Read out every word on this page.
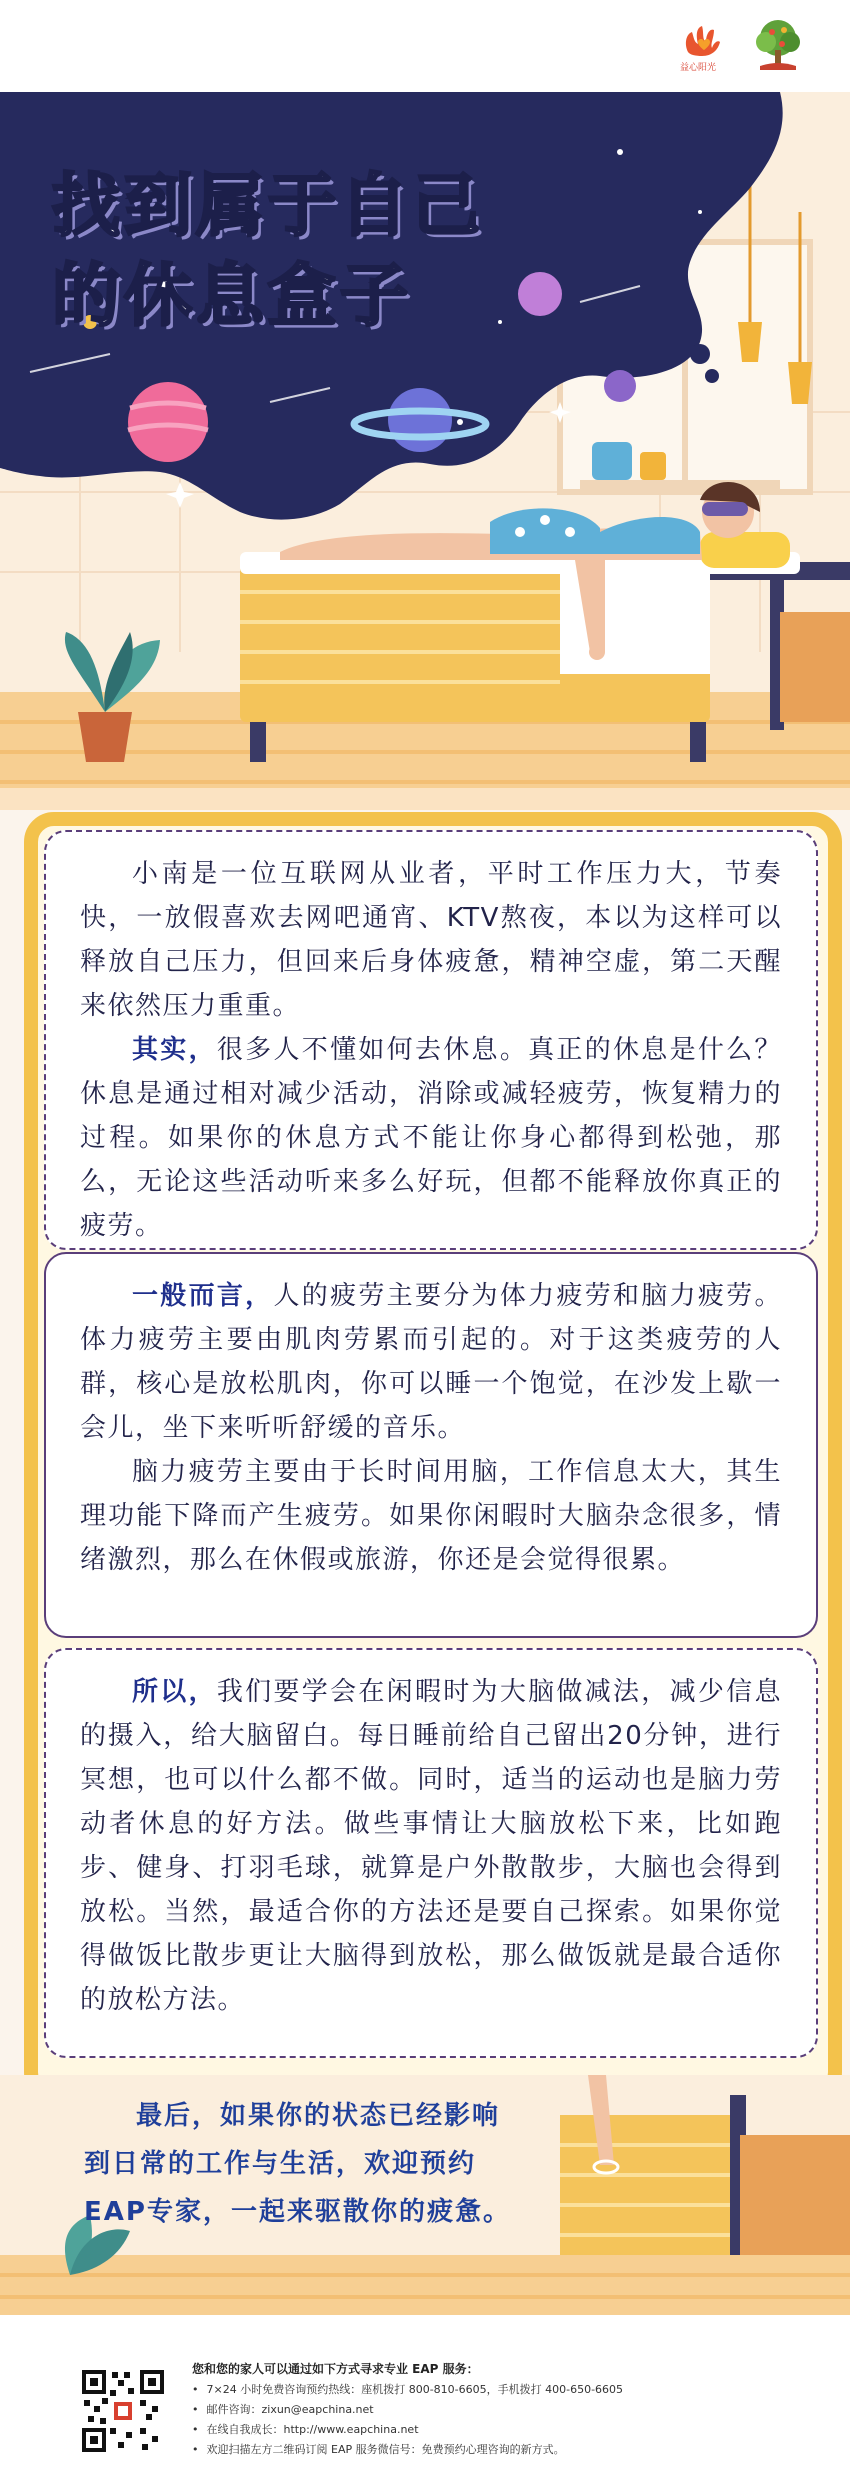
益心阳光
找到属于自己
的休息盒子

小南是一位互联网从业者，平时工作压力大，节奏快，一放假喜欢去网吧通宵、KTV熬夜，本以为这样可以释放自己压力，但回来后身体疲惫，精神空虚，第二天醒来依然压力重重。

其实，很多人不懂如何去休息。真正的休息是什么？休息是通过相对减少活动，消除或减轻疲劳，恢复精力的过程。如果你的休息方式不能让你身心都得到松弛，那么，无论这些活动听来多么好玩，但都不能释放你真正的疲劳。

一般而言，人的疲劳主要分为体力疲劳和脑力疲劳。体力疲劳主要由肌肉劳累而引起的。对于这类疲劳的人群，核心是放松肌肉，你可以睡一个饱觉，在沙发上歇一会儿，坐下来听听舒缓的音乐。

脑力疲劳主要由于长时间用脑，工作信息太大，其生理功能下降而产生疲劳。如果你闲暇时大脑杂念很多，情绪激烈，那么在休假或旅游，你还是会觉得很累。

所以，我们要学会在闲暇时为大脑做减法，减少信息的摄入，给大脑留白。每日睡前给自己留出20分钟，进行冥想，也可以什么都不做。同时，适当的运动也是脑力劳动者休息的好方法。做些事情让大脑放松下来，比如跑步、健身、打羽毛球，就算是户外散散步，大脑也会得到放松。当然，最适合你的方法还是要自己探索。如果你觉得做饭比散步更让大脑得到放松，那么做饭就是最合适你的放松方法。

最后，如果你的状态已经影响到日常的工作与生活，欢迎预约EAP专家，一起来驱散你的疲惫。

您和您的家人可以通过如下方式寻求专业 EAP 服务：

• 7×24 小时免费咨询预约热线：座机拨打 800-810-6605，手机拨打 400-650-6605
• 邮件咨询：zixun@eapchina.net
• 在线自我成长：http://www.eapchina.net
• 欢迎扫描左方二维码订阅 EAP 服务微信号：免费预约心理咨询的新方式。
